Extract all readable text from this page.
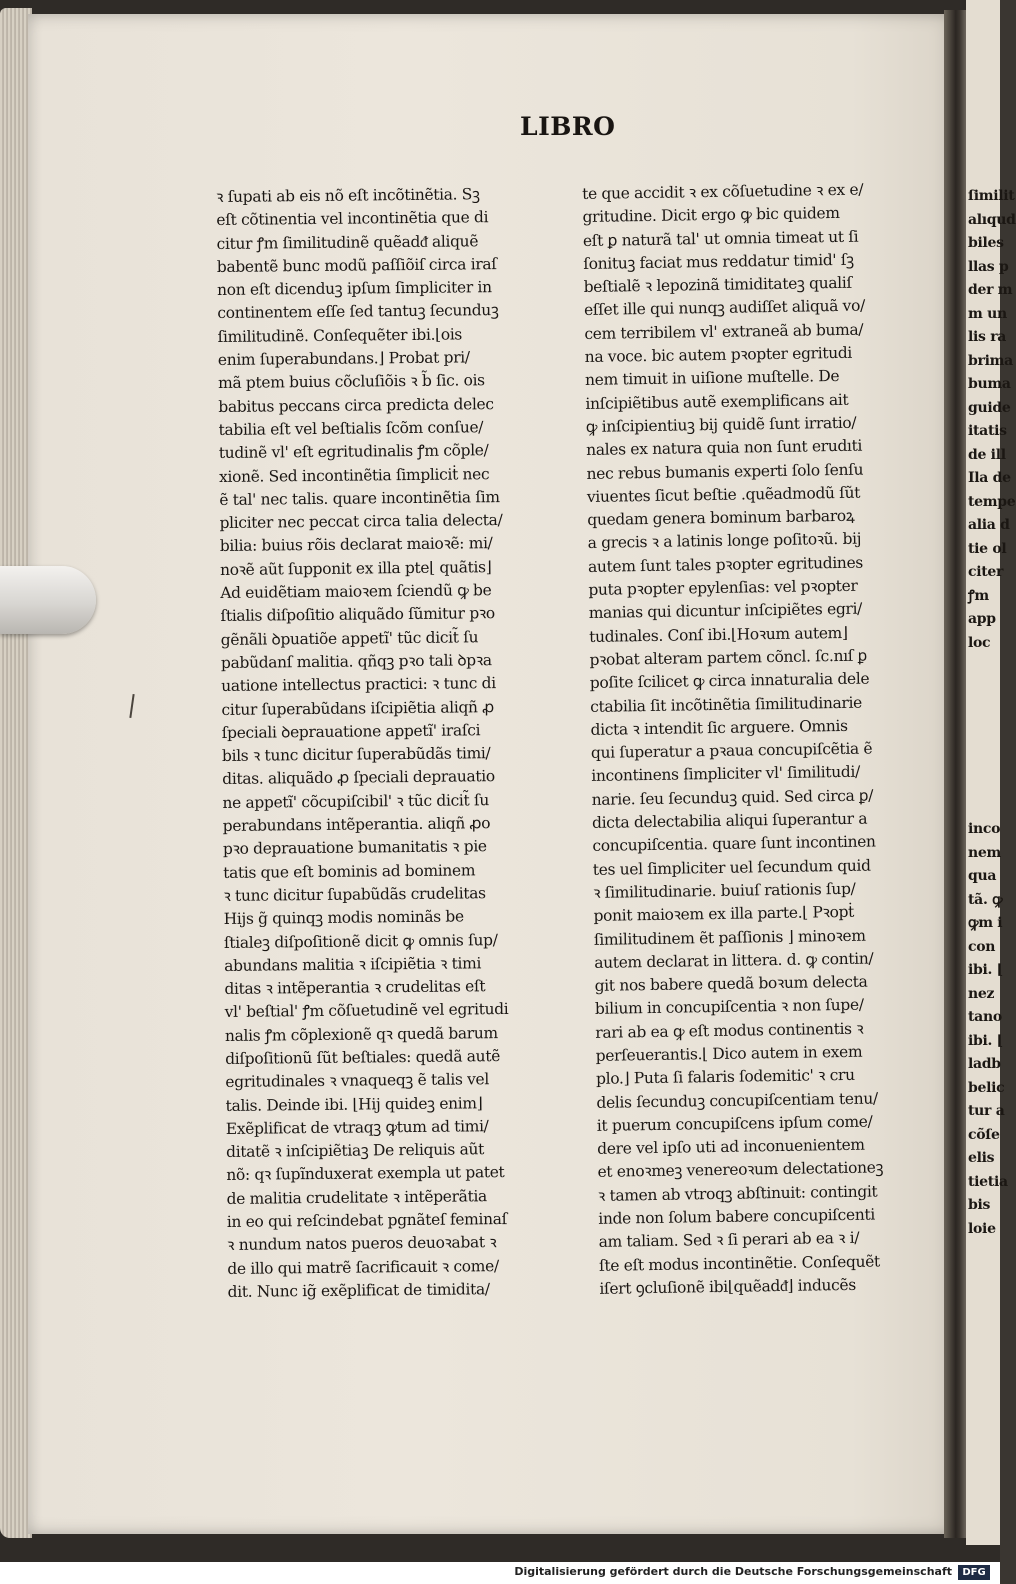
ſimilit
alıqud
biles
llas p
der m
m un
lis ra
brima
buma
guide
itatis
de ill
Ila de
tempe
alia d
tie ol
citer
ꝭm
app
loc
inco
nem
qua
tã. ꝙ
ꝙm i
con
ibi. ⌊
nez
tano
ibi. ⌊
ladb
belic
tur a
cõſe
elis
tietia
bis
loie
LIBRO
ꝛ ſupati ab eis nõ eſt incõtinẽtia. Sꝫ
eſt cõtinentia vel incontinẽtia que di
citur ꝭm ſimilitudinẽ quẽadᵭ aliquẽ
babentẽ bunc modũ paſſiõiſ circa iraſ
non eſt dicenduꝫ ipſum ſimpliciter in
continentem eſſe ſed tantuꝫ ſecunduꝫ
ſimilitudinẽ. Conſequẽter ibi.⌊ois
enim ſuperabundans.⌋ Probat pri/
mã ptem buius cõcluſiõis ꝛ b̃ ſic. ois
babitus peccans circa predicta delec
tabilia eſt vel beſtialis ſcõm conſue/
tudinẽ vl' eſt egritudinalis ꝭm cõple/
xionẽ. Sed incontinẽtia ſimpliciṫ nec
ẽ tal' nec talis. quare incontinẽtia ſim
pliciter nec peccat circa talia delecta/
bilia: buius rõis declarat maioꝛẽ: mi/
noꝛẽ aũt ſupponit ex illa pte⌊ quãtis⌋
Ad euidẽtiam maioꝛem ſciendũ ꝙ be
ſtialis diſpoſitio aliquãdo ſũmitur pꝛo
gẽnãli ꝺpuatiõe appetı̃' tũc dicit̃ ſu
pabũdanſ malitia. qñqꝫ pꝛo tali ꝺpꝛa
uatione intellectus practici: ꝛ tunc di
citur ſuperabũdans iſcipiẽtia aliqñ ꝓ
ſpeciali ꝺeprauatione appetı̃' iraſci
bils ꝛ tunc dicitur ſuperabũdãs timi/
ditas. aliquãdo ꝓ ſpeciali deprauatio
ne appetı̃' cõcupiſcibil' ꝛ tũc dicit̃ ſu
perabundans intẽperantia. aliqñ ꝓo
pꝛo deprauatione bumanitatis ꝛ pie
tatis que eſt bominis ad bominem
ꝛ tunc dicitur ſupabũdãs crudelitas
Hijs g̃ quinqꝫ modis nominãs be
ſtialeꝫ diſpoſitionẽ dicit ꝙ omnis ſup/
abundans malitia ꝛ iſcipiẽtia ꝛ timi
ditas ꝛ intẽperantia ꝛ crudelitas eſt
vl' beſtial' ꝭm cõſuetudinẽ vel egritudi
nalis ꝭm cõplexionẽ qꝛ quedã barum
diſpoſitionũ ſũt beſtiales: quedã autẽ
egritudinales ꝛ vnaqueqꝫ ẽ talis vel
talis. Deinde ibi. ⌊Hij quideꝫ enim⌋
Exẽplificat de vtraqꝫ ꝙtum ad timi/
ditatẽ ꝛ inſcipiẽtiaꝫ De reliquis aũt
nõ: qꝛ ſupĩnduxerat exempla ut patet
de malitia crudelitate ꝛ intẽperãtia
in eo qui reſcindebat pgnãteſ feminaſ
ꝛ nundum natos pueros deuoꝛabat ꝛ
de illo qui matrẽ ſacrificauit ꝛ come/
dit. Nunc ig̃ exẽplificat de timidita/
te que accidit ꝛ ex cõſuetudine ꝛ ex e/
gritudine. Dicit ergo ꝙ bic quidem
eſt ꝑ naturã tal' ut omnia timeat ut ſi
ſonituꝫ faciat mus reddatur timid' ſꝫ
beſtialẽ ꝛ lepozinã timiditateꝫ qualiſ
eſſet ille qui nunqꝫ audiſſet aliquã vo/
cem terribilem vl' extraneã ab buma/
na voce. bic autem pꝛopter egritudi
nem timuit in uiſione muſtelle. De
inſcipiẽtibus autẽ exemplificans ait
ꝙ inſcipientiuꝫ bij quidẽ ſunt irratio/
nales ex natura quia non ſunt erudıti
nec rebus bumanis experti ſolo ſenſu
viuentes ſicut beſtie .quẽadmodũ ſũt
quedam genera bominum barbaroꝝ
a grecis ꝛ a latinis longe poſitoꝛũ. bij
autem ſunt tales pꝛopter egritudines
puta pꝛopter epylenſias: vel pꝛopter
manias qui dicuntur inſcipiẽtes egri/
tudinales. Conſ ibi.⌊Hoꝛum autem⌋
pꝛobat alteram partem cõncl. ſc.nıſ ꝑ
poſite ſcilicet ꝙ circa innaturalia dele
ctabilia ſit incõtinẽtia ſimilitudinarie
dicta ꝛ intendit ſic arguere. Omnis
qui ſuperatur a pꝛaua concupiſcẽtia ẽ
incontinens ſimpliciter vl' ſimilitudi/
narie. ſeu ſecunduꝫ quid. Sed circa ꝑ/
dicta delectabilia aliqui ſuperantur a
concupiſcentia. quare ſunt incontinen
tes uel ſimpliciter uel ſecundum quid
ꝛ ſimilitudinarie. buiuſ rationis ſup/
ponit maioꝛem ex illa parte.⌊ Pꝛopṫ
ſimilitudinem ẽt paſſionis ⌋ minoꝛem
autem declarat in littera. d. ꝙ contin/
git nos babere quedã boꝛum delecta
bilium in concupiſcentia ꝛ non ſupe/
rari ab ea ꝙ eſt modus continentis ꝛ
perſeuerantis.⌊ Dico autem in exem
plo.⌋ Puta ſi falaris ſodemitic' ꝛ cru
delis ſecunduꝫ concupiſcentiam tenu/
it puerum concupiſcens ipſum come/
dere vel ipſo uti ad inconuenientem
et enoꝛmeꝫ venereoꝛum delectationeꝫ
ꝛ tamen ab vtroqꝫ abſtinuit: contingit
inde non ſolum babere concupiſcenti
am taliam. Sed ꝛ ſi perari ab ea ꝛ i/
ſte eſt modus incontinẽtie. Conſequẽt
iſert ꝯcluſionẽ ibi⌊quẽadᵭ⌋ inducẽs
Digitalisierung gefördert durch die Deutsche Forschungsgemeinschaft	DFG
